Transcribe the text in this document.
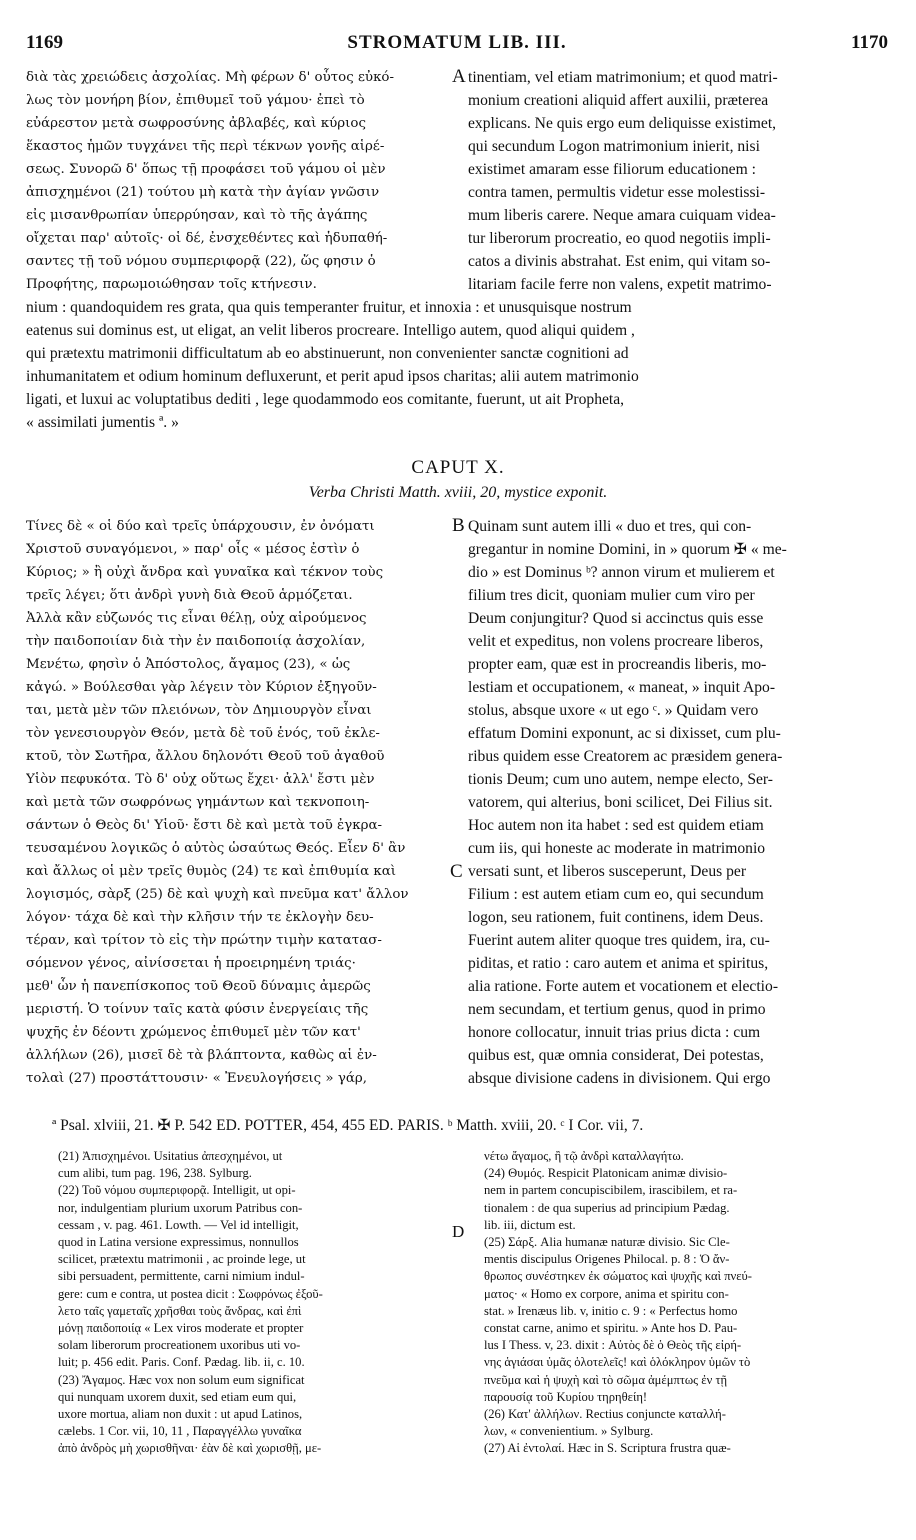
1169	STROMATUM LIB. III.	1170

διὰ τὰς χρειώδεις ἀσχολίας. Μὴ φέρων δ' οὗτος εὐκό-

λως τὸν μονήρη βίον, ἐπιθυμεῖ τοῦ γάμου· ἐπεὶ τὸ

εὐάρεστον μετὰ σωφροσύνης ἀβλαβές, καὶ κύριος

ἕκαστος ἡμῶν τυγχάνει τῆς περὶ τέκνων γονῆς αἱρέ-

σεως. Συνορῶ δ' ὅπως τῇ προφάσει τοῦ γάμου οἱ μὲν

ἀπισχημένοι (21) τούτου μὴ κατὰ τὴν ἁγίαν γνῶσιν

εἰς μισανθρωπίαν ὑπερρύησαν, καὶ τὸ τῆς ἀγάπης

οἴχεται παρ' αὐτοῖς· οἱ δέ, ἐνσχεθέντες καὶ ἡδυπαθή-

σαντες τῇ τοῦ νόμου συμπεριφορᾷ (22), ὥς φησιν ὁ

Προφήτης, παρωμοιώθησαν τοῖς κτήνεσιν.

A tinentiam, vel etiam matrimonium; et quod matri-

monium creationi aliquid affert auxilii, præterea

explicans. Ne quis ergo eum deliquisse existimet,

qui secundum Logon matrimonium inierit, nisi

existimet amaram esse filiorum educationem :

contra tamen, permultis videtur esse molestissi-

mum liberis carere. Neque amara cuiquam videa-

tur liberorum procreatio, eo quod negotiis impli-

catos a divinis abstrahat. Est enim, qui vitam so-

litariam facile ferre non valens, expetit matrimo-

nium : quandoquidem res grata, qua quis temperanter fruitur, et innoxia : et unusquisque nostrum

eatenus sui dominus est, ut eligat, an velit liberos procreare. Intelligo autem, quod aliqui quidem ,

qui prætextu matrimonii difficultatum ab eo abstinuerunt, non convenienter sanctæ cognitioni ad

inhumanitatem et odium hominum defluxerunt, et perit apud ipsos charitas; alii autem matrimonio

ligati, et luxui ac voluptatibus dediti , lege quodammodo eos comitante, fuerunt, ut ait Propheta,

« assimilati jumentis ª. »

CAPUT X.
Verba Christi Matth. xviii, 20, mystice exponit.

Τίνες δὲ « οἱ δύο καὶ τρεῖς ὑπάρχουσιν, ἐν ὀνόματι

Χριστοῦ συναγόμενοι, » παρ' οἷς « μέσος ἐστὶν ὁ

Κύριος; » ἢ οὐχὶ ἄνδρα καὶ γυναῖκα καὶ τέκνον τοὺς

τρεῖς λέγει; ὅτι ἀνδρὶ γυνὴ διὰ Θεοῦ ἁρμόζεται.

Ἀλλὰ κἂν εὐζωνός τις εἶναι θέλῃ, οὐχ αἱρούμενος

τὴν παιδοποιίαν διὰ τὴν ἐν παιδοποιίᾳ ἀσχολίαν,

Μενέτω, φησὶν ὁ Ἀπόστολος, ἄγαμος (23), « ὡς

κἀγώ. » Βούλεσθαι γὰρ λέγειν τὸν Κύριον ἐξηγοῦν-

ται, μετὰ μὲν τῶν πλειόνων, τὸν Δημιουργὸν εἶναι

τὸν γενεσιουργὸν Θεόν, μετὰ δὲ τοῦ ἑνός, τοῦ ἐκλε-

κτοῦ, τὸν Σωτῆρα, ἄλλου δηλονότι Θεοῦ τοῦ ἀγαθοῦ

Υἱὸν πεφυκότα. Τὸ δ' οὐχ οὕτως ἔχει· ἀλλ' ἔστι μὲν

καὶ μετὰ τῶν σωφρόνως γημάντων καὶ τεκνοποιη-

σάντων ὁ Θεὸς δι' Υἱοῦ· ἔστι δὲ καὶ μετὰ τοῦ ἐγκρα-

τευσαμένου λογικῶς ὁ αὐτὸς ὡσαύτως Θεός. Εἶεν δ' ἂν

καὶ ἄλλως οἱ μὲν τρεῖς θυμὸς (24) τε καὶ ἐπιθυμία καὶ

λογισμός, σὰρξ (25) δὲ καὶ ψυχὴ καὶ πνεῦμα κατ' ἄλλον

λόγον· τάχα δὲ καὶ τὴν κλῆσιν τήν τε ἐκλογὴν δευ-

τέραν, καὶ τρίτον τὸ εἰς τὴν πρώτην τιμὴν κατατασ-

σόμενον γένος, αἰνίσσεται ἡ προειρημένη τριάς·

μεθ' ὧν ἡ πανεπίσκοπος τοῦ Θεοῦ δύναμις ἀμερῶς

μεριστή. Ὁ τοίνυν ταῖς κατὰ φύσιν ἐνεργείαις τῆς

ψυχῆς ἐν δέοντι χρώμενος ἐπιθυμεῖ μὲν τῶν κατ'

ἀλλήλων (26), μισεῖ δὲ τὰ βλάπτοντα, καθὼς αἱ ἐν-

τολαὶ (27) προστάττουσιν· « Ἐνευλογήσεις » γάρ,

B
C

Quinam sunt autem illi « duo et tres, qui con-

gregantur in nomine Domini, in » quorum ✠ « me-

dio » est Dominus ᵇ? annon virum et mulierem et

filium tres dicit, quoniam mulier cum viro per

Deum conjungitur? Quod si accinctus quis esse

velit et expeditus, non volens procreare liberos,

propter eam, quæ est in procreandis liberis, mo-

lestiam et occupationem, « maneat, » inquit Apo-

stolus, absque uxore « ut ego ᶜ. » Quidam vero

effatum Domini exponunt, ac si dixisset, cum plu-

ribus quidem esse Creatorem ac præsidem genera-

tionis Deum; cum uno autem, nempe electo, Ser-

vatorem, qui alterius, boni scilicet, Dei Filius sit.

Hoc autem non ita habet : sed est quidem etiam

cum iis, qui honeste ac moderate in matrimonio

versati sunt, et liberos susceperunt, Deus per

Filium : est autem etiam cum eo, qui secundum

logon, seu rationem, fuit continens, idem Deus.

Fuerint autem aliter quoque tres quidem, ira, cu-

piditas, et ratio : caro autem et anima et spiritus,

alia ratione. Forte autem et vocationem et electio-

nem secundam, et tertium genus, quod in primo

honore collocatur, innuit trias prius dicta : cum

quibus est, quæ omnia considerat, Dei potestas,

absque divisione cadens in divisionem. Qui ergo

ª Psal. xlviii, 21. ✠ P. 542 ED. POTTER, 454, 455 ED. PARIS. ᵇ Matth. xviii, 20. ᶜ I Cor. vii, 7.

(21) Ἀπισχημένοι. Usitatius ἀπεσχημένοι, ut

cum alibi, tum pag. 196, 238. Sylburg.

(22) Τοῦ νόμου συμπεριφορᾷ. Intelligit, ut opi-

nor, indulgentiam plurium uxorum Patribus con-

cessam , v. pag. 461. Lowth. — Vel id intelligit,

quod in Latina versione expressimus, nonnullos

scilicet, prætextu matrimonii , ac proinde lege, ut

sibi persuadent, permittente, carni nimium indul-

gere: cum e contra, ut postea dicit : Σωφρόνως ἐξοῦ-

λετο ταῖς γαμεταῖς χρῆσθαι τοὺς ἄνδρας, καὶ ἐπὶ

μόνῃ παιδοποιίᾳ « Lex viros moderate et propter

solam liberorum procreationem uxoribus uti vo-

luit; p. 456 edit. Paris. Conf. Pædag. lib. ii, c. 10.

(23) Ἄγαμος. Hæc vox non solum eum significat

qui nunquam uxorem duxit, sed etiam eum qui,

uxore mortua, aliam non duxit : ut apud Latinos,

cælebs. 1 Cor. vii, 10, 11 , Παραγγέλλω γυναῖκα

ἀπὸ ἀνδρὸς μὴ χωρισθῆναι· ἐὰν δὲ καὶ χωρισθῇ, με-

D

νέτω ἄγαμος, ἢ τῷ ἀνδρὶ καταλλαγήτω.

(24) Θυμός. Respicit Platonicam animæ divisio-

nem in partem concupiscibilem, irascibilem, et ra-

tionalem : de qua superius ad principium Pædag.

lib. iii, dictum est.

(25) Σάρξ. Alia humanæ naturæ divisio. Sic Cle-

mentis discipulus Origenes Philocal. p. 8 : Ὁ ἄν-

θρωπος συνέστηκεν ἐκ σώματος καὶ ψυχῆς καὶ πνεύ-

ματος· « Homo ex corpore, anima et spiritu con-

stat. » Irenæus lib. v, initio c. 9 : « Perfectus homo

constat carne, animo et spiritu. » Ante hos D. Pau-

lus I Thess. v, 23. dixit : Αὐτὸς δὲ ὁ Θεὸς τῆς εἰρή-

νης ἁγιάσαι ὑμᾶς ὁλοτελεῖς! καὶ ὁλόκληρον ὑμῶν τὸ

πνεῦμα καὶ ἡ ψυχὴ καὶ τὸ σῶμα ἀμέμπτως ἐν τῇ

παρουσίᾳ τοῦ Κυρίου τηρηθείη!

(26) Κατ' ἀλλήλων. Rectius conjuncte καταλλή-

λων, « convenientium. » Sylburg.

(27) Αἱ ἐντολαί. Hæc in S. Scriptura frustra quæ-
